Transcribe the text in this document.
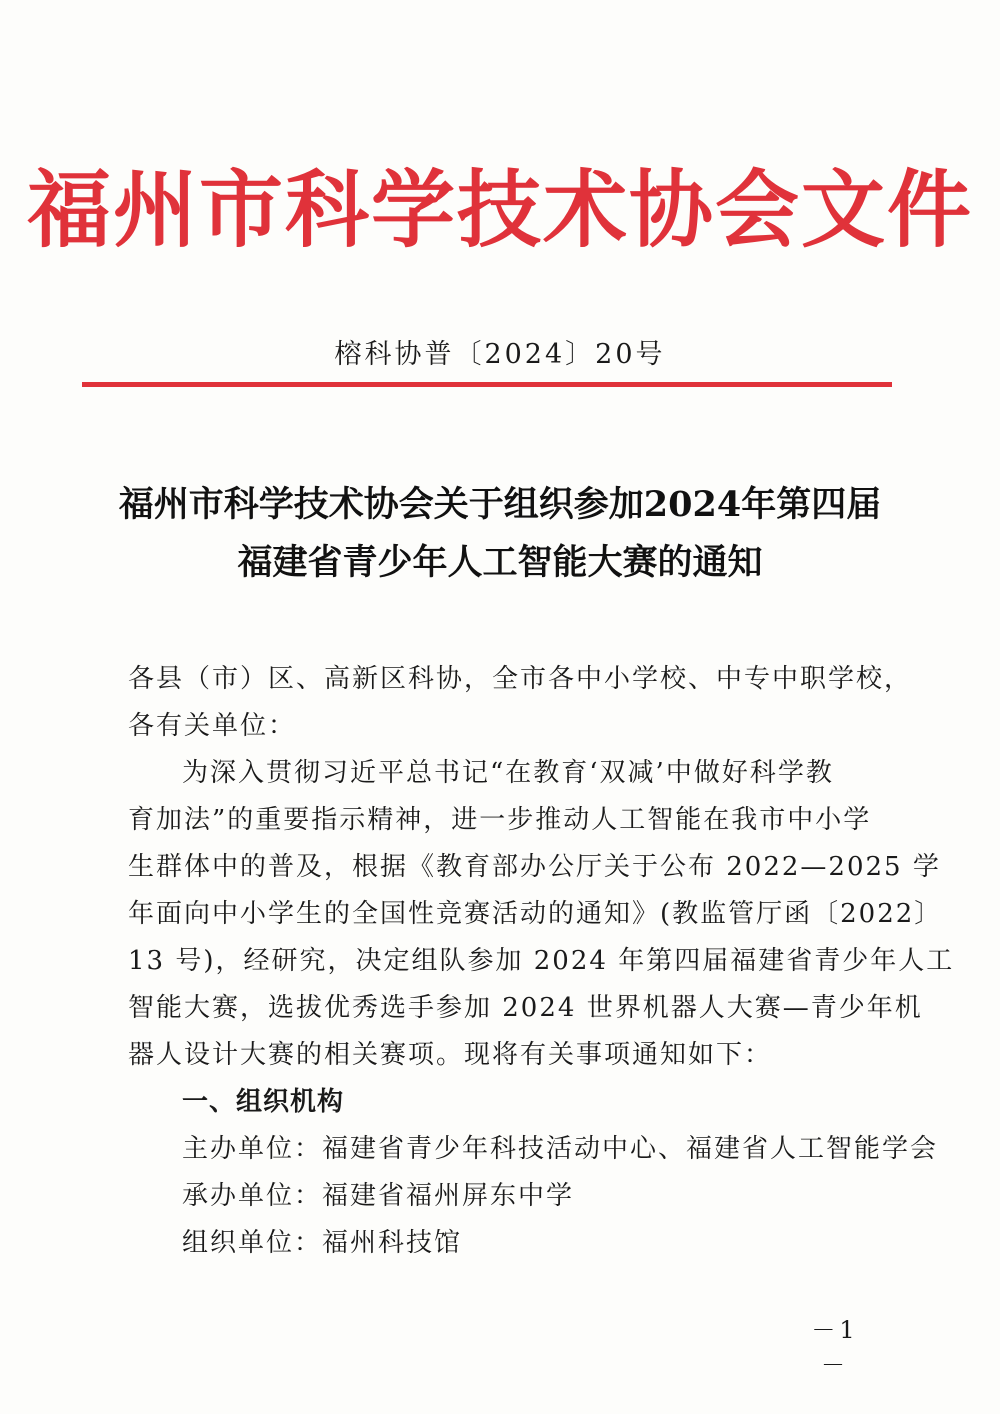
福州市科学技术协会文件
榕科协普〔2024〕20号
福州市科学技术协会关于组织参加2024年第四届
福建省青少年人工智能大赛的通知
各县（市）区、高新区科协，全市各中小学校、中专中职学校，
各有关单位：
为深入贯彻习近平总书记“在教育‘双减’中做好科学教
育加法”的重要指示精神，进一步推动人工智能在我市中小学
生群体中的普及，根据《教育部办公厅关于公布 2022—2025 学
年面向中小学生的全国性竞赛活动的通知》(教监管厅函〔2022〕
13 号)，经研究，决定组队参加 2024 年第四届福建省青少年人工
智能大赛，选拔优秀选手参加 2024 世界机器人大赛—青少年机
器人设计大赛的相关赛项。现将有关事项通知如下：
一、组织机构
主办单位：福建省青少年科技活动中心、福建省人工智能学会
承办单位：福建省福州屏东中学
组织单位：福州科技馆
－1－
